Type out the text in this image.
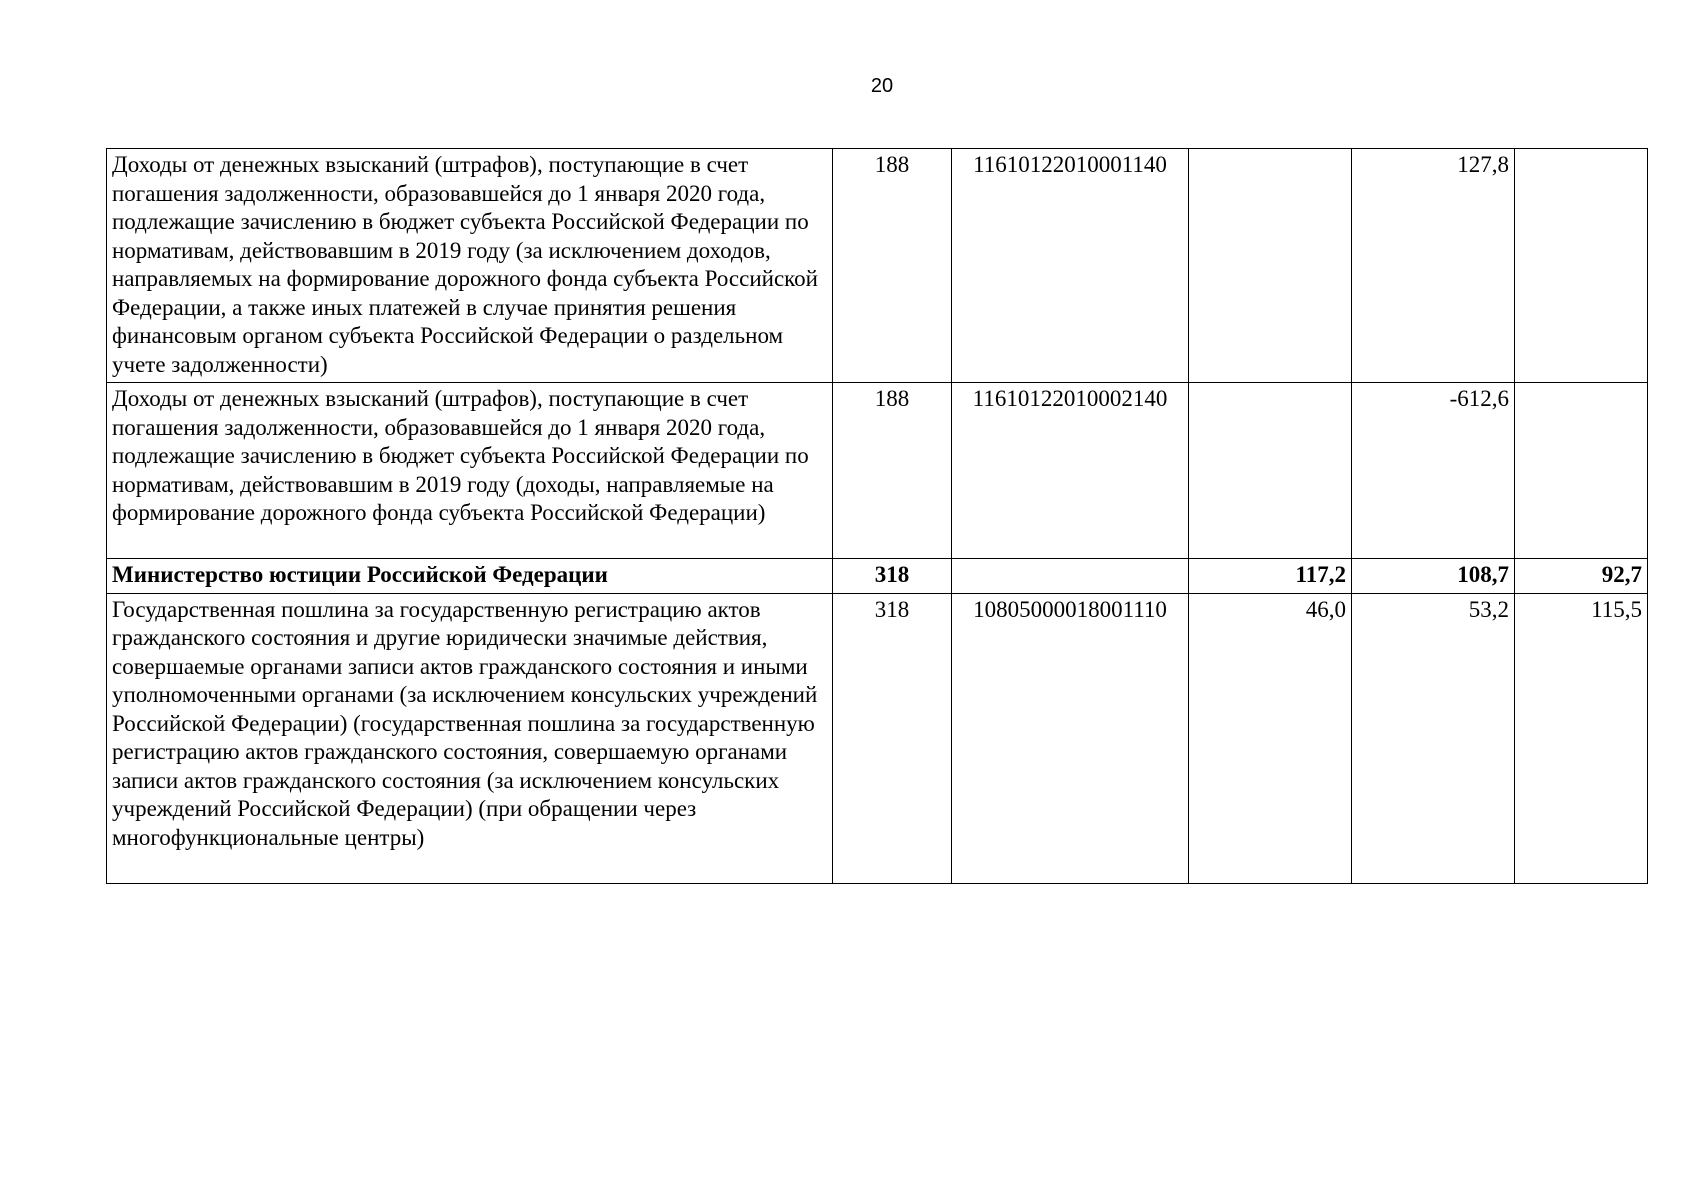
20
Доходы от денежных взысканий (штрафов), поступающие в счет погашения задолженности, образовавшейся до 1 января 2020 года, подлежащие зачислению в бюджет субъекта Российской Федерации по нормативам, действовавшим в 2019 году (за исключением доходов, направляемых на формирование дорожного фонда субъекта Российской Федерации, а также иных платежей в случае принятия решения финансовым органом субъекта Российской Федерации о раздельном учете задолженности)	188	11610122010001140		127,8	
Доходы от денежных взысканий (штрафов), поступающие в счет погашения задолженности, образовавшейся до 1 января 2020 года, подлежащие зачислению в бюджет субъекта Российской Федерации по нормативам, действовавшим в 2019 году (доходы, направляемые на формирование дорожного фонда субъекта Российской Федерации)	188	11610122010002140		-612,6	
Министерство юстиции Российской Федерации	318		117,2	108,7	92,7
Государственная пошлина за государственную регистрацию актов гражданского состояния и другие юридически значимые действия, совершаемые органами записи актов гражданского состояния и иными уполномоченными органами (за исключением консульских учреждений Российской Федерации) (государственная пошлина за государственную регистрацию актов гражданского состояния, совершаемую органами записи актов гражданского состояния (за исключением консульских учреждений Российской Федерации) (при обращении через многофункциональные центры)	318	10805000018001110	46,0	53,2	115,5
